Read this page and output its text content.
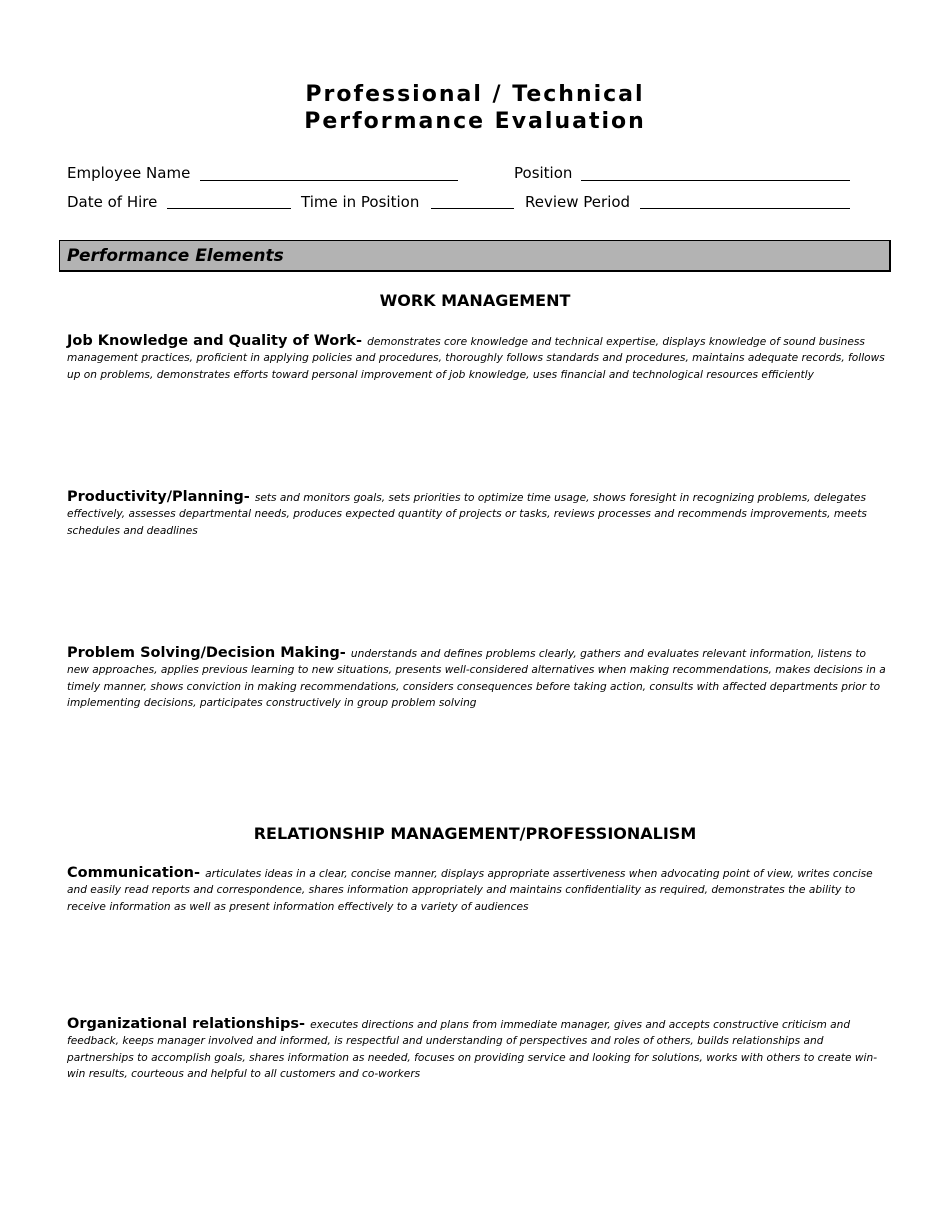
Professional / Technical
Performance Evaluation
Employee Name	Position
Date of Hire	Time in Position	Review Period
Performance Elements
WORK MANAGEMENT
Job Knowledge and Quality of Work- demonstrates core knowledge and technical expertise, displays knowledge of sound business management practices, proficient in applying policies and procedures, thoroughly follows standards and procedures, maintains adequate records, follows up on problems, demonstrates efforts toward personal improvement of job knowledge, uses financial and technological resources efficiently
Productivity/Planning- sets and monitors goals, sets priorities to optimize time usage, shows foresight in recognizing problems, delegates effectively, assesses departmental needs, produces expected quantity of projects or tasks, reviews processes and recommends improvements, meets schedules and deadlines
Problem Solving/Decision Making- understands and defines problems clearly, gathers and evaluates relevant information, listens to new approaches, applies previous learning to new situations, presents well-considered alternatives when making recommendations, makes decisions in a timely manner, shows conviction in making recommendations, considers consequences before taking action, consults with affected departments prior to implementing decisions, participates constructively in group problem solving
RELATIONSHIP MANAGEMENT/PROFESSIONALISM
Communication- articulates ideas in a clear, concise manner, displays appropriate assertiveness when advocating point of view, writes concise and easily read reports and correspondence, shares information appropriately and maintains confidentiality as required, demonstrates the ability to receive information as well as present information effectively to a variety of audiences
Organizational relationships- executes directions and plans from immediate manager, gives and accepts constructive criticism and feedback, keeps manager involved and informed, is respectful and understanding of perspectives and roles of others, builds relationships and partnerships to accomplish goals, shares information as needed, focuses on providing service and looking for solutions, works with others to create win-win results, courteous and helpful to all customers and co-workers
